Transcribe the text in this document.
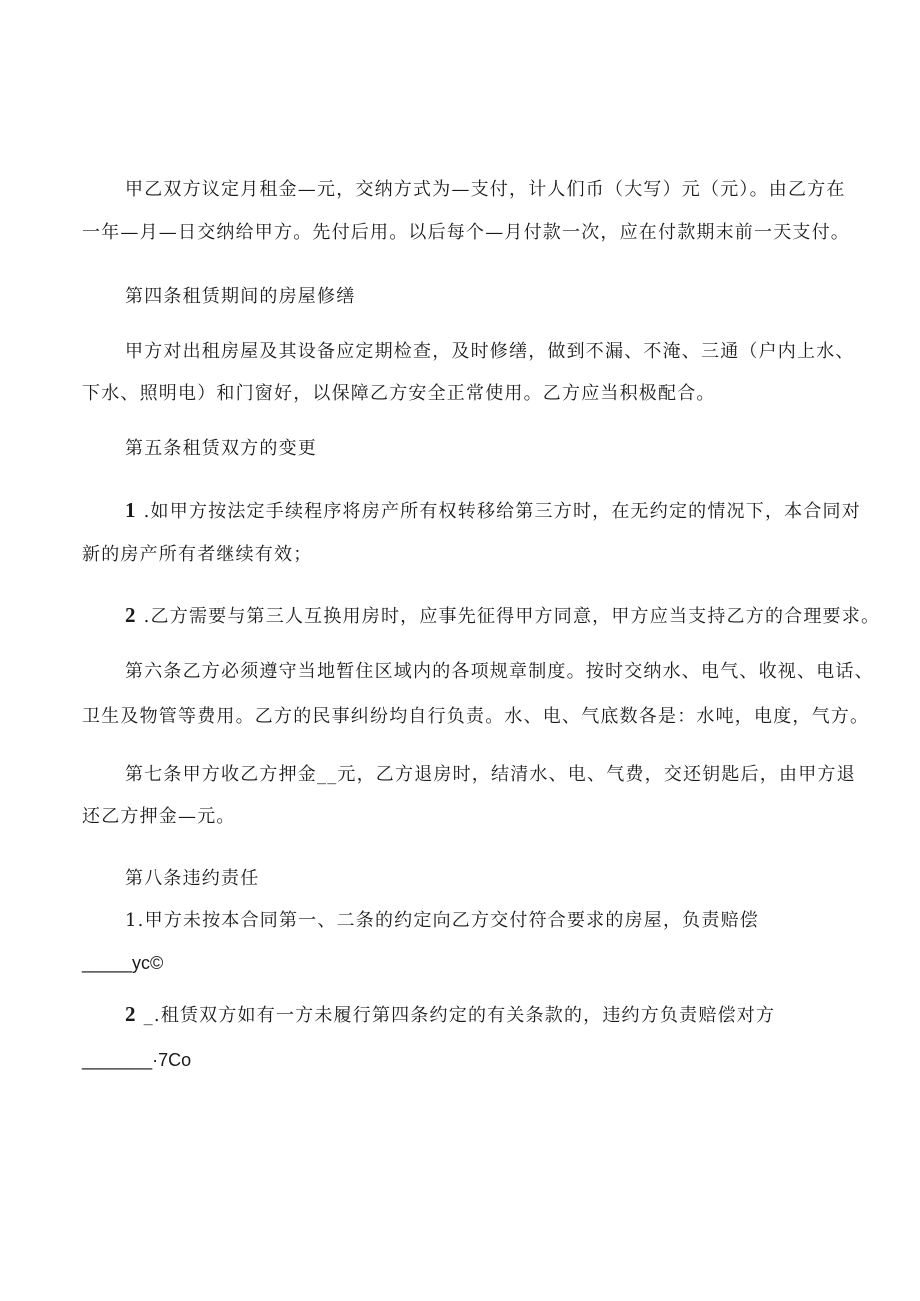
甲乙双方议定月租金—元，交纳方式为—支付，计人们币（大写）元（元）。由乙方在
一年—月—日交纳给甲方。先付后用。以后每个—月付款一次，应在付款期末前一天支付。
第四条租赁期间的房屋修缮
甲方对出租房屋及其设备应定期检查，及时修缮，做到不漏、不淹、三通（户内上水、
下水、照明电）和门窗好，以保障乙方安全正常使用。乙方应当积极配合。
第五条租赁双方的变更
1 .如甲方按法定手续程序将房产所有权转移给第三方时，在无约定的情况下，本合同对
新的房产所有者继续有效；
2 .乙方需要与第三人互换用房时，应事先征得甲方同意，甲方应当支持乙方的合理要求。
第六条乙方必须遵守当地暂住区域内的各项规章制度。按时交纳水、电气、收视、电话、
卫生及物管等费用。乙方的民事纠纷均自行负责。水、电、气底数各是：水吨，电度，气方。
第七条甲方收乙方押金__元，乙方退房时，结清水、电、气费，交还钥匙后，由甲方退
还乙方押金—元。
第八条违约责任
1.甲方未按本合同第一、二条的约定向乙方交付符合要求的房屋，负责赔偿
_____yc©
2 _.租赁双方如有一方未履行第四条约定的有关条款的，违约方负责赔偿对方
_______·7Co
